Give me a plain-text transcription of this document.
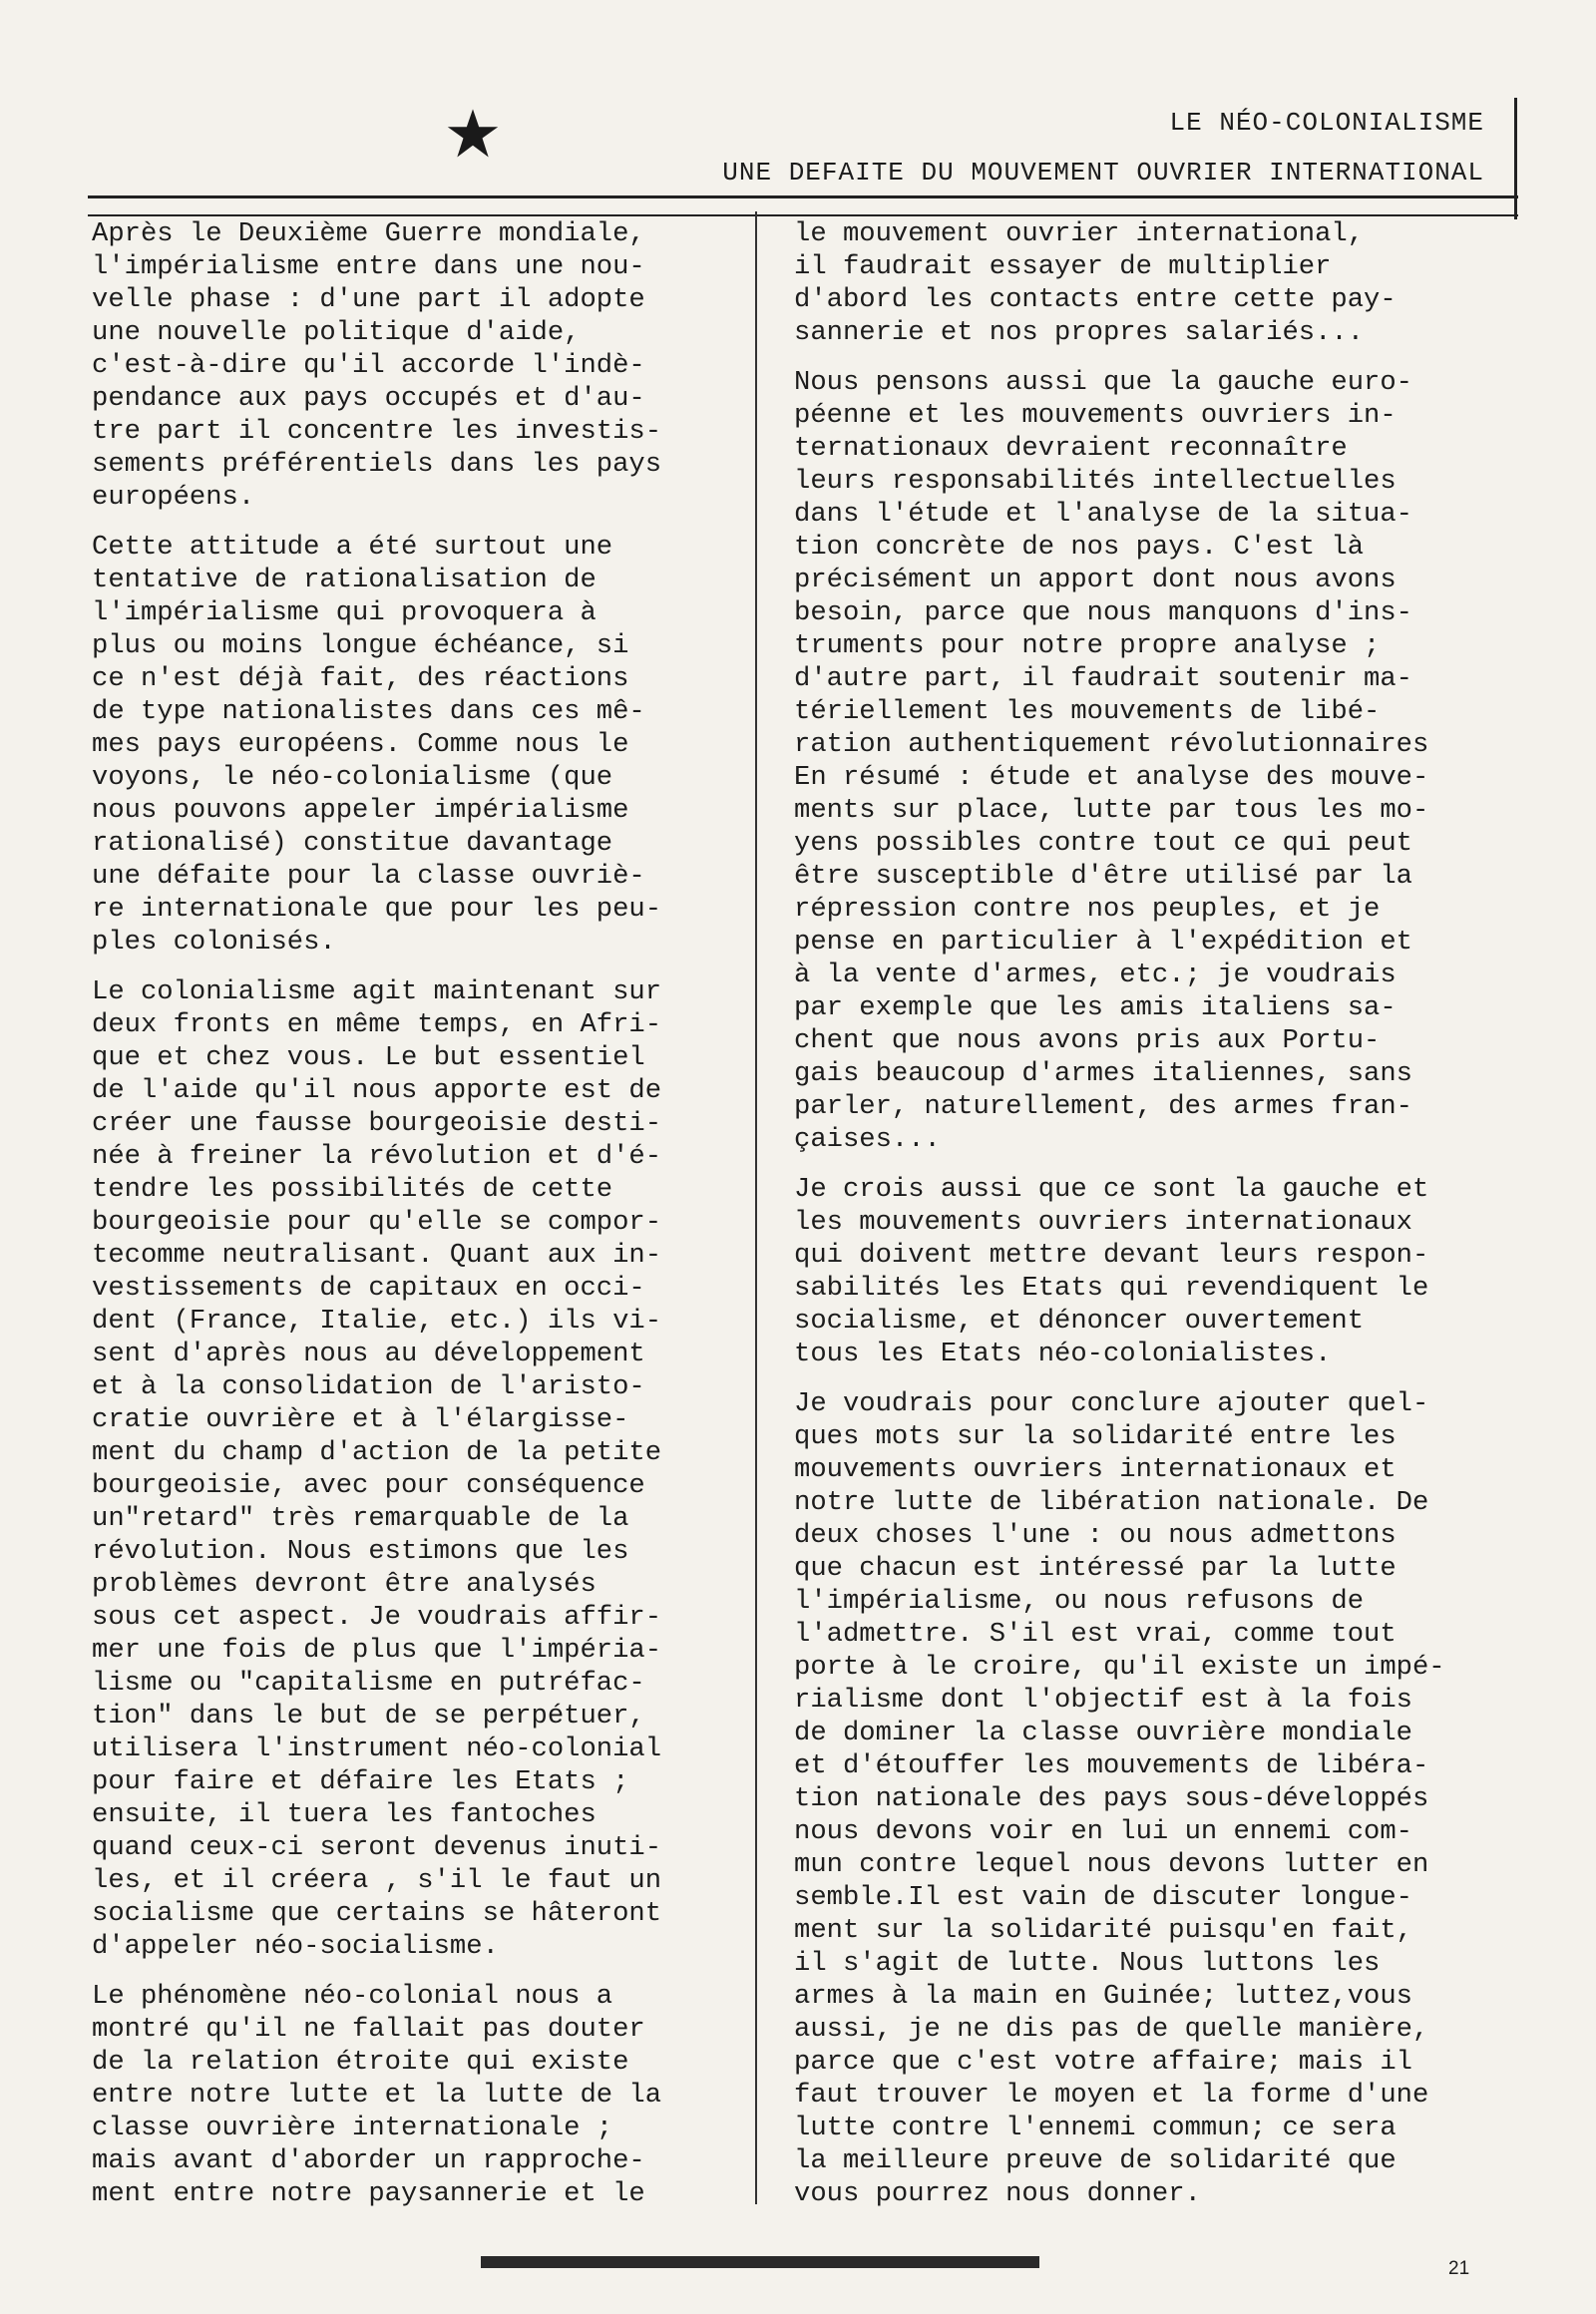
LE NÉO-COLONIALISME
UNE DEFAITE DU MOUVEMENT OUVRIER INTERNATIONAL

Après le Deuxième Guerre mondiale,
l'impérialisme entre dans une nou-
velle phase : d'une part il adopte
une nouvelle politique d'aide,
c'est-à-dire qu'il accorde l'indè-
pendance aux pays occupés et d'au-
tre part il concentre les investis-
sements préférentiels dans les pays
européens.

Cette attitude a été surtout une
tentative de rationalisation de
l'impérialisme qui provoquera à
plus ou moins longue échéance, si
ce n'est déjà fait, des réactions
de type nationalistes dans ces mê-
mes pays européens. Comme nous le
voyons, le néo-colonialisme (que
nous pouvons appeler impérialisme
rationalisé) constitue davantage
une défaite pour la classe ouvriè-
re internationale que pour les peu-
ples colonisés.

Le colonialisme agit maintenant sur
deux fronts en même temps, en Afri-
que et chez vous. Le but essentiel
de l'aide qu'il nous apporte est de
créer une fausse bourgeoisie desti-
née à freiner la révolution et d'é-
tendre les possibilités de cette
bourgeoisie pour qu'elle se compor-
tecomme neutralisant. Quant aux in-
vestissements de capitaux en occi-
dent (France, Italie, etc.) ils vi-
sent d'après nous au développement
et à la consolidation de l'aristo-
cratie ouvrière et à l'élargisse-
ment du champ d'action de la petite
bourgeoisie, avec pour conséquence
un"retard" très remarquable de la
révolution. Nous estimons que les
problèmes devront être analysés
sous cet aspect. Je voudrais affir-
mer une fois de plus que l'impéria-
lisme ou "capitalisme en putréfac-
tion" dans le but de se perpétuer,
utilisera l'instrument néo-colonial
pour faire et défaire les Etats ;
ensuite, il tuera les fantoches
quand ceux-ci seront devenus inuti-
les, et il créera , s'il le faut un
socialisme que certains se hâteront
d'appeler néo-socialisme.

Le phénomène néo-colonial nous a
montré qu'il ne fallait pas douter
de la relation étroite qui existe
entre notre lutte et la lutte de la
classe ouvrière internationale ;
mais avant d'aborder un rapproche-
ment entre notre paysannerie et le

le mouvement ouvrier international,
il faudrait essayer de multiplier
d'abord les contacts entre cette pay-
sannerie et nos propres salariés...

Nous pensons aussi que la gauche euro-
péenne et les mouvements ouvriers in-
ternationaux devraient reconnaître
leurs responsabilités intellectuelles
dans l'étude et l'analyse de la situa-
tion concrète de nos pays. C'est là
précisément un apport dont nous avons
besoin, parce que nous manquons d'ins-
truments pour notre propre analyse ;
d'autre part, il faudrait soutenir ma-
tériellement les mouvements de libé-
ration authentiquement révolutionnaires
En résumé : étude et analyse des mouve-
ments sur place, lutte par tous les mo-
yens possibles contre tout ce qui peut
être susceptible d'être utilisé par la
répression contre nos peuples, et je
pense en particulier à l'expédition et
à la vente d'armes, etc.; je voudrais
par exemple que les amis italiens sa-
chent que nous avons pris aux Portu-
gais beaucoup d'armes italiennes, sans
parler, naturellement, des armes fran-
çaises...

Je crois aussi que ce sont la gauche et
les mouvements ouvriers internationaux
qui doivent mettre devant leurs respon-
sabilités les Etats qui revendiquent le
socialisme, et dénoncer ouvertement
tous les Etats néo-colonialistes.

Je voudrais pour conclure ajouter quel-
ques mots sur la solidarité entre les
mouvements ouvriers internationaux et
notre lutte de libération nationale. De
deux choses l'une : ou nous admettons
que chacun est intéressé par la lutte
l'impérialisme, ou nous refusons de
l'admettre. S'il est vrai, comme tout
porte à le croire, qu'il existe un impé-
rialisme dont l'objectif est à la fois
de dominer la classe ouvrière mondiale
et d'étouffer les mouvements de libéra-
tion nationale des pays sous-développés
nous devons voir en lui un ennemi com-
mun contre lequel nous devons lutter en
semble.Il est vain de discuter longue-
ment sur la solidarité puisqu'en fait,
il s'agit de lutte. Nous luttons les
armes à la main en Guinée; luttez,vous
aussi, je ne dis pas de quelle manière,
parce que c'est votre affaire; mais il
faut trouver le moyen et la forme d'une
lutte contre l'ennemi commun; ce sera
la meilleure preuve de solidarité que
vous pourrez nous donner.

21
